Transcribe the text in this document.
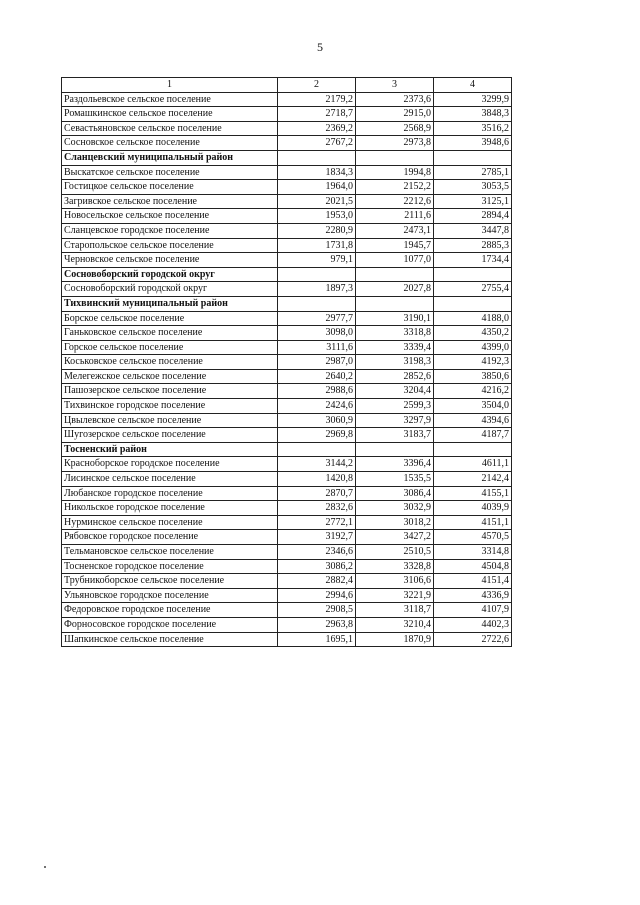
5
1	2	3	4
Раздольевское сельское поселение	2179,2	2373,6	3299,9
Ромашкинское сельское поселение	2718,7	2915,0	3848,3
Севастьяновское сельское поселение	2369,2	2568,9	3516,2
Сосновское сельское поселение	2767,2	2973,8	3948,6
Сланцевский муниципальный район			
Выскатское сельское поселение	1834,3	1994,8	2785,1
Гостицкое сельское поселение	1964,0	2152,2	3053,5
Загривское сельское поселение	2021,5	2212,6	3125,1
Новосельское сельское поселение	1953,0	2111,6	2894,4
Сланцевское городское поселение	2280,9	2473,1	3447,8
Старопольское сельское поселение	1731,8	1945,7	2885,3
Черновское сельское поселение	979,1	1077,0	1734,4
Сосновоборский городской округ			
Сосновоборский городской округ	1897,3	2027,8	2755,4
Тихвинский муниципальный район			
Борское сельское поселение	2977,7	3190,1	4188,0
Ганьковское сельское поселение	3098,0	3318,8	4350,2
Горское сельское поселение	3111,6	3339,4	4399,0
Коськовское сельское поселение	2987,0	3198,3	4192,3
Мелегежское сельское поселение	2640,2	2852,6	3850,6
Пашозерское сельское поселение	2988,6	3204,4	4216,2
Тихвинское городское поселение	2424,6	2599,3	3504,0
Цвылевское сельское поселение	3060,9	3297,9	4394,6
Шугозерское сельское поселение	2969,8	3183,7	4187,7
Тосненский район			
Красноборское городское поселение	3144,2	3396,4	4611,1
Лисинское сельское поселение	1420,8	1535,5	2142,4
Любанское городское поселение	2870,7	3086,4	4155,1
Никольское городское поселение	2832,6	3032,9	4039,9
Нурминское сельское поселение	2772,1	3018,2	4151,1
Рябовское городское поселение	3192,7	3427,2	4570,5
Тельмановское сельское поселение	2346,6	2510,5	3314,8
Тосненское городское поселение	3086,2	3328,8	4504,8
Трубникоборское сельское поселение	2882,4	3106,6	4151,4
Ульяновское городское поселение	2994,6	3221,9	4336,9
Федоровское городское поселение	2908,5	3118,7	4107,9
Форносовское городское поселение	2963,8	3210,4	4402,3
Шапкинское сельское поселение	1695,1	1870,9	2722,6
